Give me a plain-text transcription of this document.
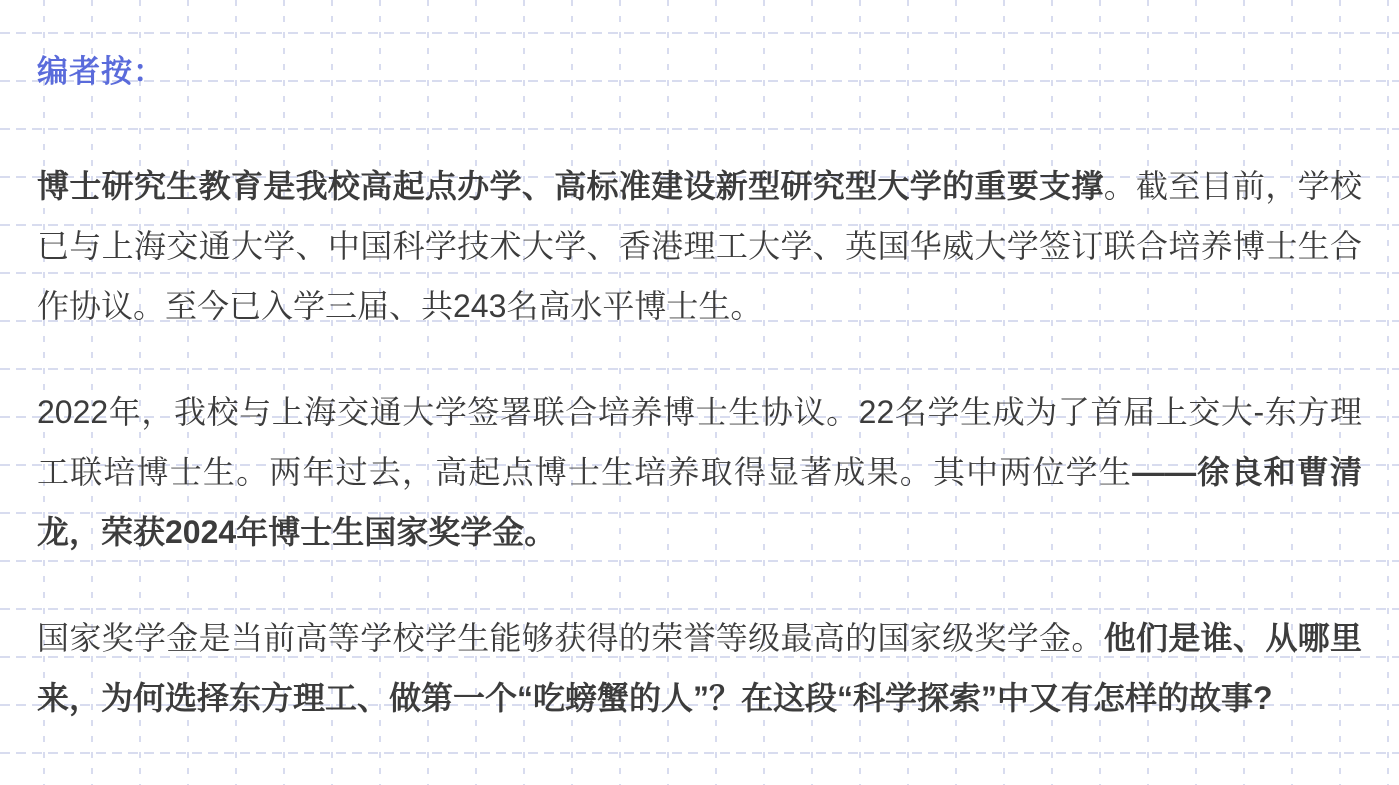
编者按：

博士研究生教育是我校高起点办学、高标准建设新型研究型大学的重要支撑。截至目前，学校已与上海交通大学、中国科学技术大学、香港理工大学、英国华威大学签订联合培养博士生合作协议。至今已入学三届、共243名高水平博士生。

2022年，我校与上海交通大学签署联合培养博士生协议。22名学生成为了首届上交大-东方理工联培博士生。两年过去，高起点博士生培养取得显著成果。其中两位学生——徐良和曹清龙，荣获2024年博士生国家奖学金。

国家奖学金是当前高等学校学生能够获得的荣誉等级最高的国家级奖学金。他们是谁、从哪里来，为何选择东方理工、做第一个“吃螃蟹的人”？在这段“科学探索”中又有怎样的故事?
